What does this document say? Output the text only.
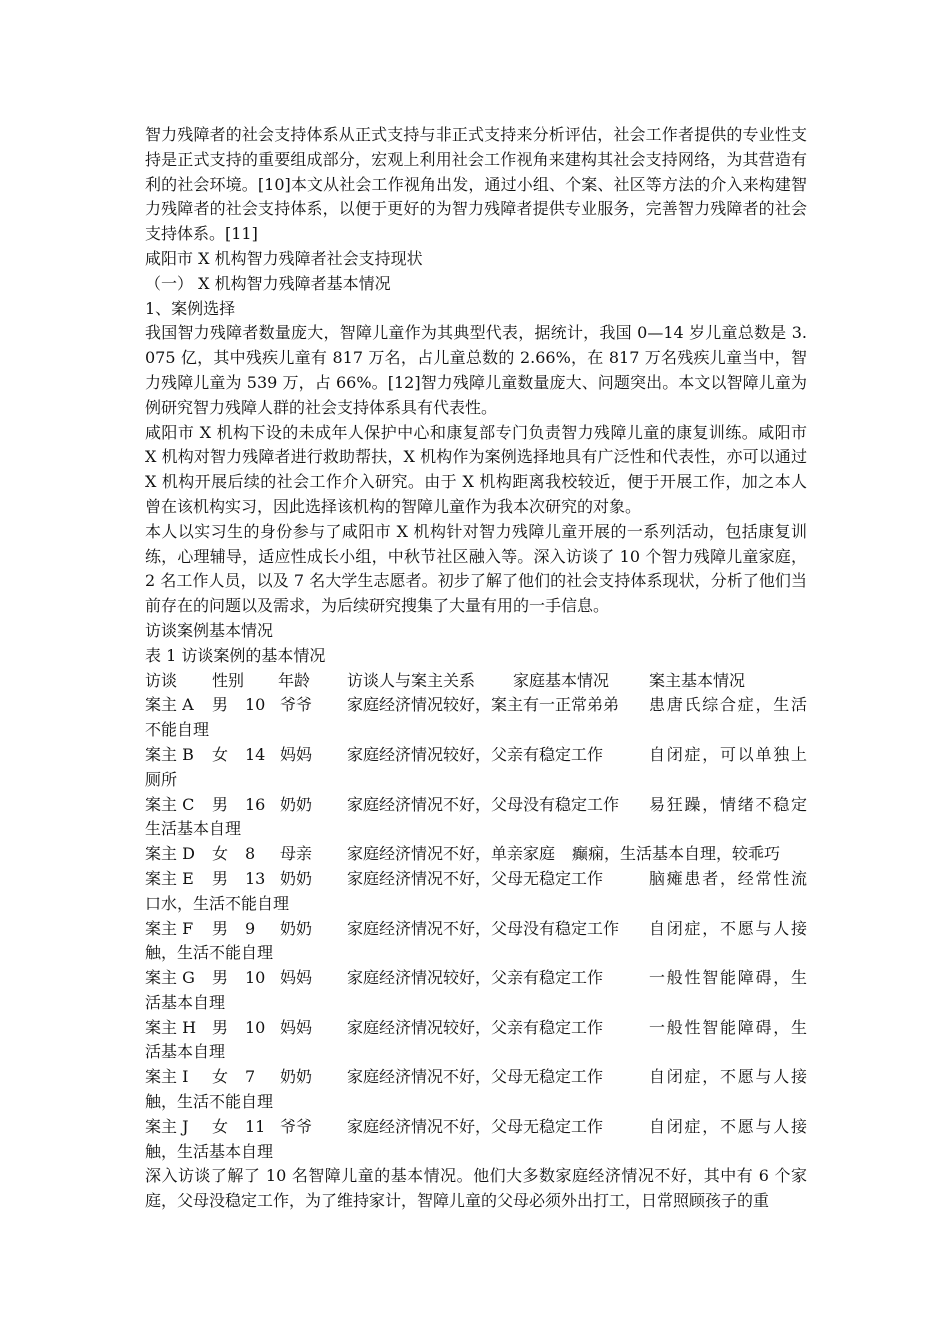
智力残障者的社会支持体系从正式支持与非正式支持来分析评估，社会工作者提供的专业性支持是正式支持的重要组成部分，宏观上利用社会工作视角来建构其社会支持网络，为其营造有利的社会环境。[10]本文从社会工作视角出发，通过小组、个案、社区等方法的介入来构建智力残障者的社会支持体系，以便于更好的为智力残障者提供专业服务，完善智力残障者的社会支持体系。[11]

咸阳市 X 机构智力残障者社会支持现状

（一） X 机构智力残障者基本情况

1、案例选择

我国智力残障者数量庞大，智障儿童作为其典型代表，据统计，我国 0—14 岁儿童总数是 3.075 亿，其中残疾儿童有 817 万名，占儿童总数的 2.66%，在 817 万名残疾儿童当中，智力残障儿童为 539 万，占 66%。[12]智力残障儿童数量庞大、问题突出。本文以智障儿童为例研究智力残障人群的社会支持体系具有代表性。

咸阳市 X 机构下设的未成年人保护中心和康复部专门负责智力残障儿童的康复训练。咸阳市 X 机构对智力残障者进行救助帮扶，X 机构作为案例选择地具有广泛性和代表性，亦可以通过 X 机构开展后续的社会工作介入研究。由于 X 机构距离我校较近，便于开展工作，加之本人曾在该机构实习，因此选择该机构的智障儿童作为我本次研究的对象。

本人以实习生的身份参与了咸阳市 X 机构针对智力残障儿童开展的一系列活动，包括康复训练，心理辅导，适应性成长小组，中秋节社区融入等。深入访谈了 10 个智力残障儿童家庭，2 名工作人员，以及 7 名大学生志愿者。初步了解了他们的社会支持体系现状，分析了他们当前存在的问题以及需求，为后续研究搜集了大量有用的一手信息。

访谈案例基本情况

表 1 访谈案例的基本情况

访谈 性别 年龄 访谈人与案主关系 家庭基本情况 案主基本情况
患唐氏综合症，生活不能自理
案主 A 男 10 爷爷 家庭经济情况较好，案主有一正常弟弟
自闭症，可以单独上厕所
案主 B 女 14 妈妈 家庭经济情况较好，父亲有稳定工作
易狂躁，情绪不稳定生活基本自理
案主 C 男 16 奶奶 家庭经济情况不好，父母没有稳定工作
案主 D 女 8 母亲 家庭经济情况不好，单亲家庭 癫痫，生活基本自理，较乖巧
脑瘫患者，经常性流口水，生活不能自理
案主 E 男 13 奶奶 家庭经济情况不好，父母无稳定工作
自闭症，不愿与人接触，生活不能自理
案主 F 男 9 奶奶 家庭经济情况不好，父母没有稳定工作
一般性智能障碍，生活基本自理
案主 G 男 10 妈妈 家庭经济情况较好，父亲有稳定工作
一般性智能障碍，生活基本自理
案主 H 男 10 妈妈 家庭经济情况较好，父亲有稳定工作
自闭症，不愿与人接触，生活不能自理
案主 I 女 7 奶奶 家庭经济情况不好，父母无稳定工作
自闭症，不愿与人接触，生活基本自理
案主 J 女 11 爷爷 家庭经济情况不好，父母无稳定工作

深入访谈了解了 10 名智障儿童的基本情况。他们大多数家庭经济情况不好，其中有 6 个家庭，父母没稳定工作，为了维持家计，智障儿童的父母必须外出打工，日常照顾孩子的重
